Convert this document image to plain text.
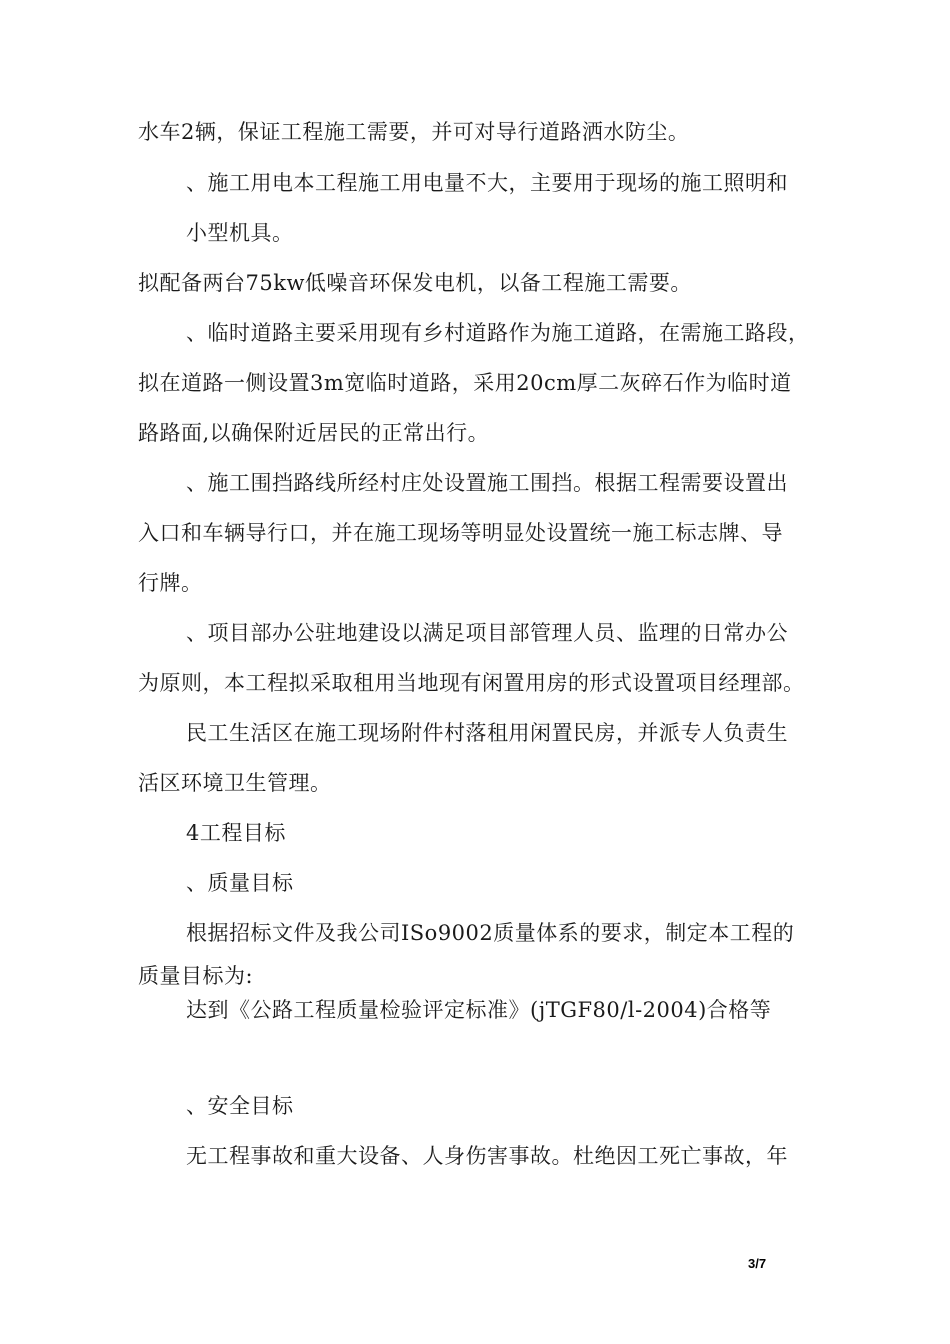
水车2辆，保证工程施工需要，并可对导行道路洒水防尘。
、施工用电本工程施工用电量不大，主要用于现场的施工照明和
小型机具。
拟配备两台75kw低噪音环保发电机，以备工程施工需要。
、临时道路主要采用现有乡村道路作为施工道路，在需施工路段，
拟在道路一侧设置3m宽临时道路，采用20cm厚二灰碎石作为临时道
路路面,以确保附近居民的正常出行。
、施工围挡路线所经村庄处设置施工围挡。根据工程需要设置出
入口和车辆导行口，并在施工现场等明显处设置统一施工标志牌、导
行牌。
、项目部办公驻地建设以满足项目部管理人员、监理的日常办公
为原则，本工程拟采取租用当地现有闲置用房的形式设置项目经理部。
民工生活区在施工现场附件村落租用闲置民房，并派专人负责生
活区环境卫生管理。
4工程目标
、质量目标
根据招标文件及我公司ISo9002质量体系的要求，制定本工程的
质量目标为:
达到《公路工程质量检验评定标准》(jTGF80/l-2004)合格等
、安全目标
无工程事故和重大设备、人身伤害事故。杜绝因工死亡事故，年
3/7
